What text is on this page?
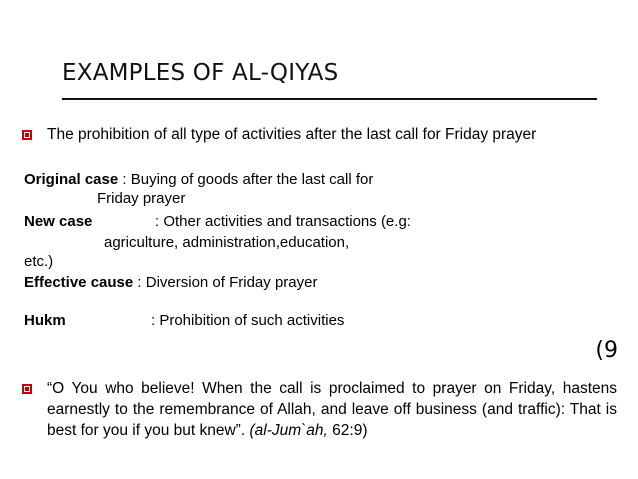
EXAMPLES OF AL-QIYAS
The prohibition of all type of activities after the last call for Friday prayer
Original case : Buying of goods after the last call for
Friday prayer
New case	: Other activities and transactions (e.g:
agriculture, administration,education,
etc.)
Effective cause : Diversion of Friday prayer
Hukm	: Prohibition of such activities
(9
“O You who believe! When the call is proclaimed to prayer on Friday, hastens earnestly to the remembrance of Allah, and leave off business (and traffic): That is best for you if you but knew”. (al-Jum`ah, 62:9)
